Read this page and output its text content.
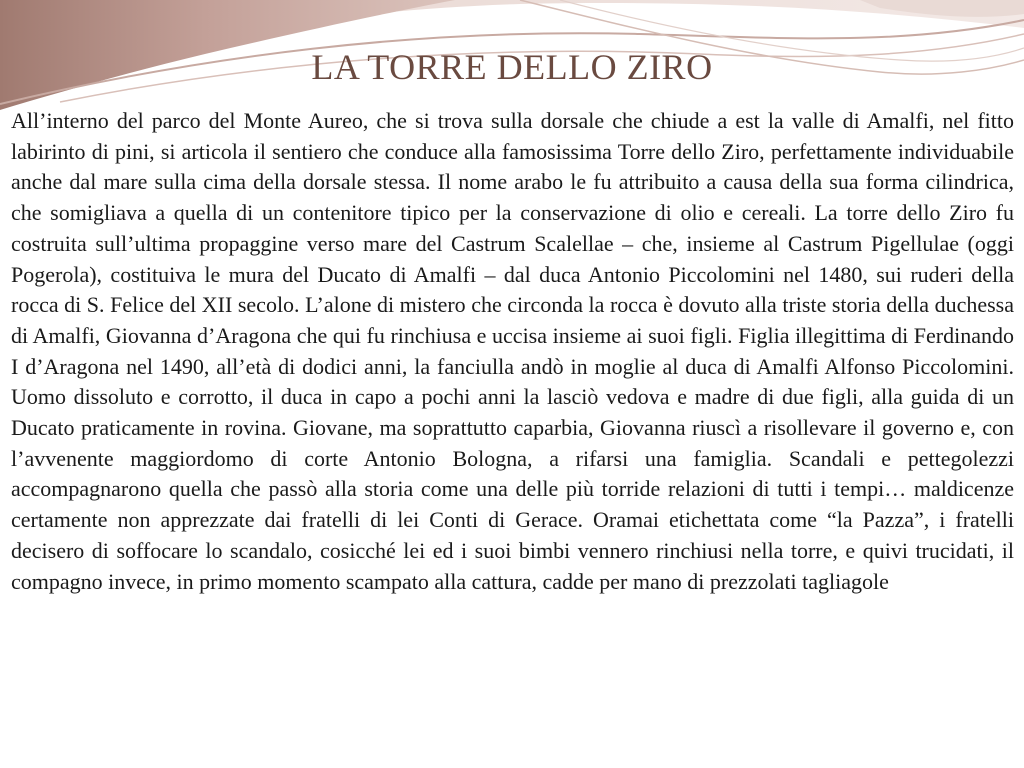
LA TORRE DELLO ZIRO
All’interno del parco del Monte Aureo, che si trova sulla dorsale che chiude a est la valle di Amalfi, nel fitto labirinto di pini, si articola il sentiero che conduce alla famosissima Torre dello Ziro, perfettamente individuabile anche dal mare sulla cima della dorsale stessa. Il nome arabo le fu attribuito a causa della sua forma cilindrica, che somigliava a quella di un contenitore tipico per la conservazione di olio e cereali. La torre dello Ziro fu costruita sull’ultima propaggine verso mare del Castrum Scalellae – che, insieme al Castrum Pigellulae (oggi Pogerola), costituiva le mura del Ducato di Amalfi – dal duca Antonio Piccolomini nel 1480, sui ruderi della rocca di S. Felice del XII secolo. L’alone di mistero che circonda la rocca è dovuto alla triste storia della duchessa di Amalfi, Giovanna d’Aragona che qui fu rinchiusa e uccisa insieme ai suoi figli. Figlia illegittima di Ferdinando I d’Aragona nel 1490, all’età di dodici anni, la fanciulla andò in moglie al duca di Amalfi Alfonso Piccolomini. Uomo dissoluto e corrotto, il duca in capo a pochi anni la lasciò vedova e madre di due figli, alla guida di un Ducato praticamente in rovina. Giovane, ma soprattutto caparbia, Giovanna riuscì a risollevare il governo e, con l’avvenente maggiordomo di corte Antonio Bologna, a rifarsi una famiglia. Scandali e pettegolezzi accompagnarono quella che passò alla storia come una delle più torride relazioni di tutti i tempi… maldicenze certamente non apprezzate dai fratelli di lei Conti di Gerace. Oramai etichettata come “la Pazza”, i fratelli decisero di soffocare lo scandalo, cosicché lei ed i suoi bimbi vennero rinchiusi nella torre, e quivi trucidati, il compagno invece, in primo momento scampato alla cattura, cadde per mano di prezzolati tagliagole
